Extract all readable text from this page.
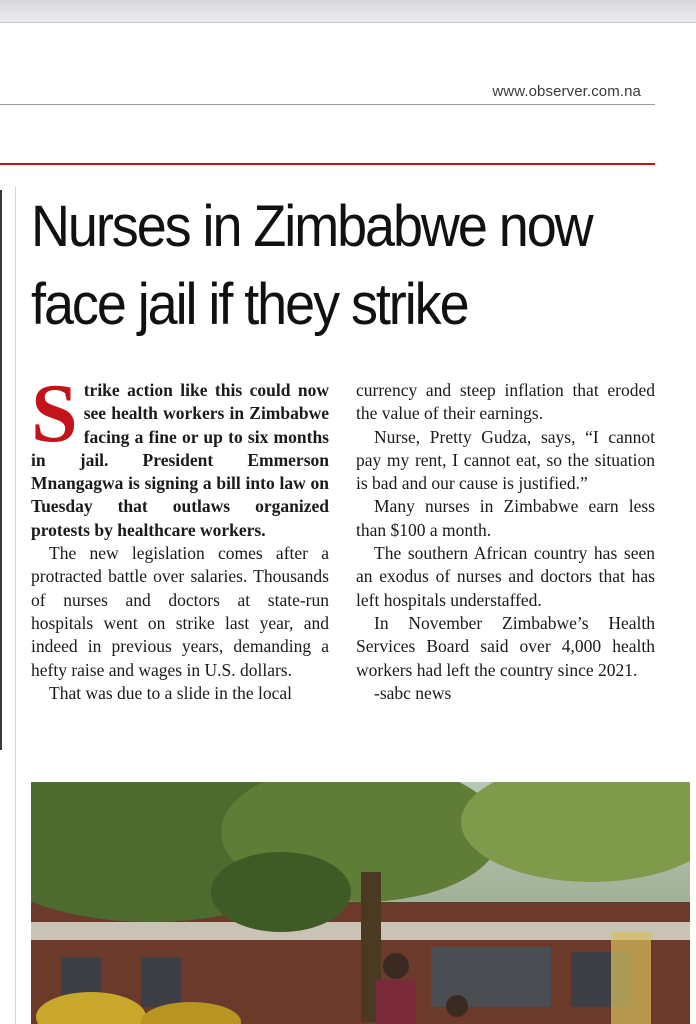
www.observer.com.na
Nurses in Zimbabwe now face jail if they strike

Strike action like this could now see health workers in Zimbabwe facing a fine or up to six months in jail. President Emmerson Mnangagwa is signing a bill into law on Tuesday that outlaws organized protests by healthcare workers.

The new legislation comes after a protracted battle over salaries. Thousands of nurses and doctors at state-run hospitals went on strike last year, and indeed in previous years, demanding a hefty raise and wages in U.S. dollars.

That was due to a slide in the local

currency and steep inflation that eroded the value of their earnings.

Nurse, Pretty Gudza, says, “I cannot pay my rent, I cannot eat, so the situation is bad and our cause is justified.”

Many nurses in Zimbabwe earn less than $100 a month.

The southern African country has seen an exodus of nurses and doctors that has left hospitals understaffed.

In November Zimbabwe’s Health Services Board said over 4,000 health workers had left the country since 2021.

-sabc news
